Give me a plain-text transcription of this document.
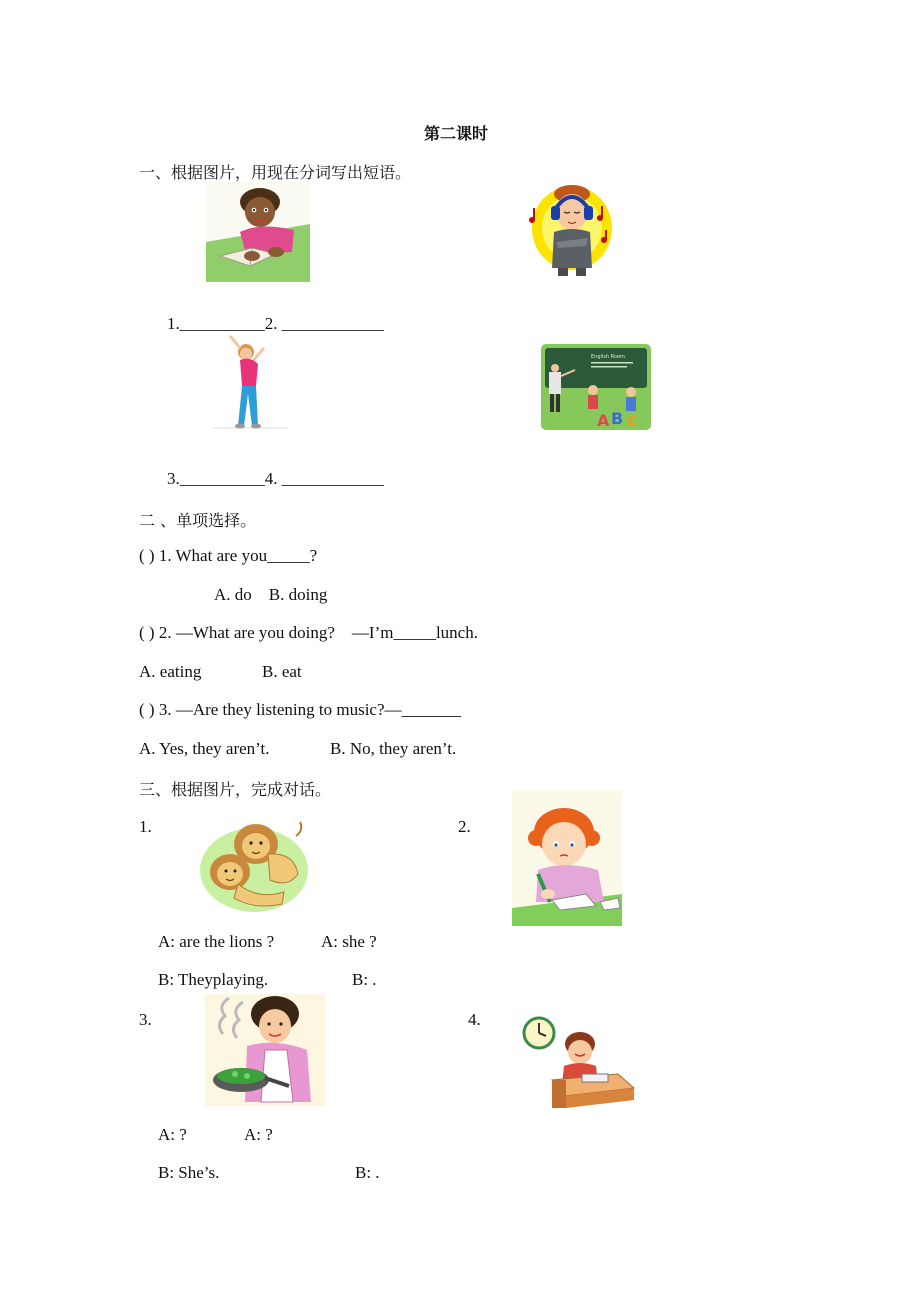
第二课时
一、根据图片，用现在分词写出短语。
1.__________2. ____________
English Room
A B C
3.__________4. ____________
二 、单项选择。
( ) 1. What are you_____?
A. do    B. doing
( ) 2. —What are you doing?    —I’m_____lunch.
A. eating	B. eat
( ) 3. —Are they listening to music?—_______
A. Yes, they aren’t.	B. No, they aren’t.
三、根据图片，完成对话。
1.	2.
A: are the lions ?	A: she ?
B: Theyplaying.	B: .
3.	4.
A: ?	A: ?
B: She’s.	B: .
